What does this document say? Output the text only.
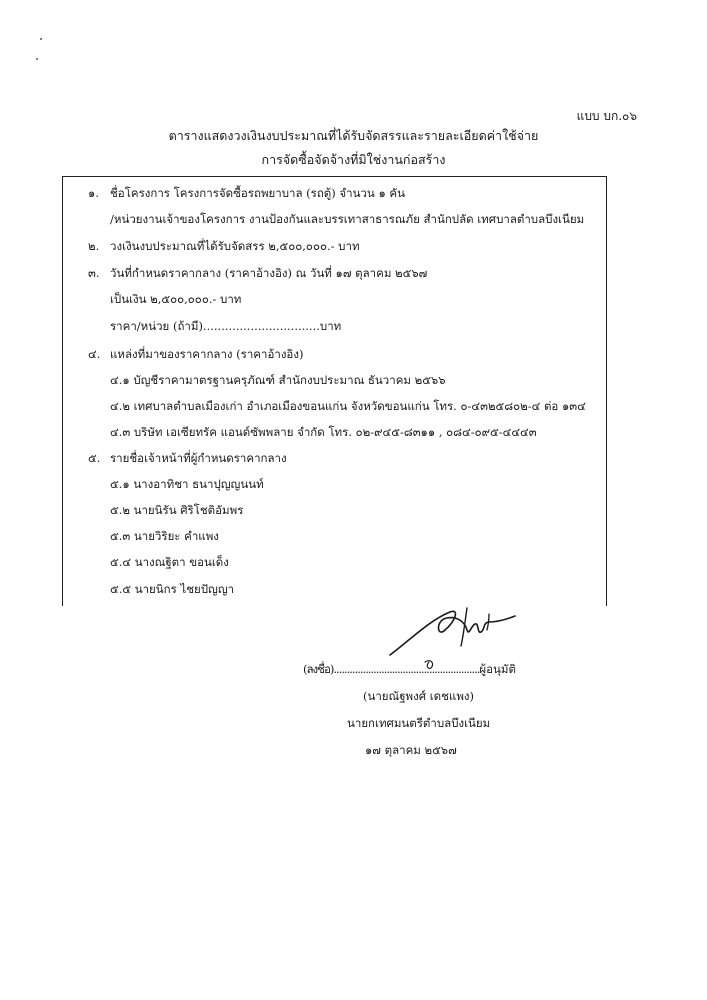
แบบ บก.๐๖
ตารางแสดงวงเงินงบประมาณที่ได้รับจัดสรรและรายละเอียดค่าใช้จ่าย
การจัดซื้อจัดจ้างที่มิใช่งานก่อสร้าง
๑. ชื่อโครงการ โครงการจัดซื้อรถพยาบาล (รถตู้) จำนวน ๑ คัน
/หน่วยงานเจ้าของโครงการ งานป้องกันและบรรเทาสาธารณภัย สำนักปลัด เทศบาลตำบลบึงเนียม
๒. วงเงินงบประมาณที่ได้รับจัดสรร ๒,๕๐๐,๐๐๐.- บาท
๓. วันที่กำหนดราคากลาง (ราคาอ้างอิง) ณ วันที่ ๑๗ ตุลาคม ๒๕๖๗
เป็นเงิน ๒,๕๐๐,๐๐๐.- บาท
ราคา/หน่วย (ถ้ามี)................................บาท
๔. แหล่งที่มาของราคากลาง (ราคาอ้างอิง)
๔.๑ บัญชีราคามาตรฐานครุภัณฑ์ สำนักงบประมาณ ธันวาคม ๒๕๖๖
๔.๒ เทศบาลตำบลเมืองเก่า อำเภอเมืองขอนแก่น จังหวัดขอนแก่น โทร. ๐-๔๓๒๕๘๐๒-๔ ต่อ ๑๓๔
๔.๓ บริษัท เอเซียทรัค แอนด์ซัพพลาย จำกัด โทร. ๐๒-๙๔๕-๘๓๑๑ , ๐๘๔-๐๙๕-๔๔๔๓
๕. รายชื่อเจ้าหน้าที่ผู้กำหนดราคากลาง
๕.๑ นางอาทิชา ธนาปุญญนนท์
๕.๒ นายนิรัน ศิริโชติอัมพร
๕.๓ นายวิริยะ คำแพง
๕.๔ นางณฐิตา ขอนเด็ง
๕.๕ นายนิกร ไชยปัญญา
(ลงชื่อ).......................................................ผู้อนุมัติ
(นายณัฐพงศ์ เดชแพง)
นายกเทศมนตรีตำบลบึงเนียม
๑๗ ตุลาคม ๒๕๖๗
